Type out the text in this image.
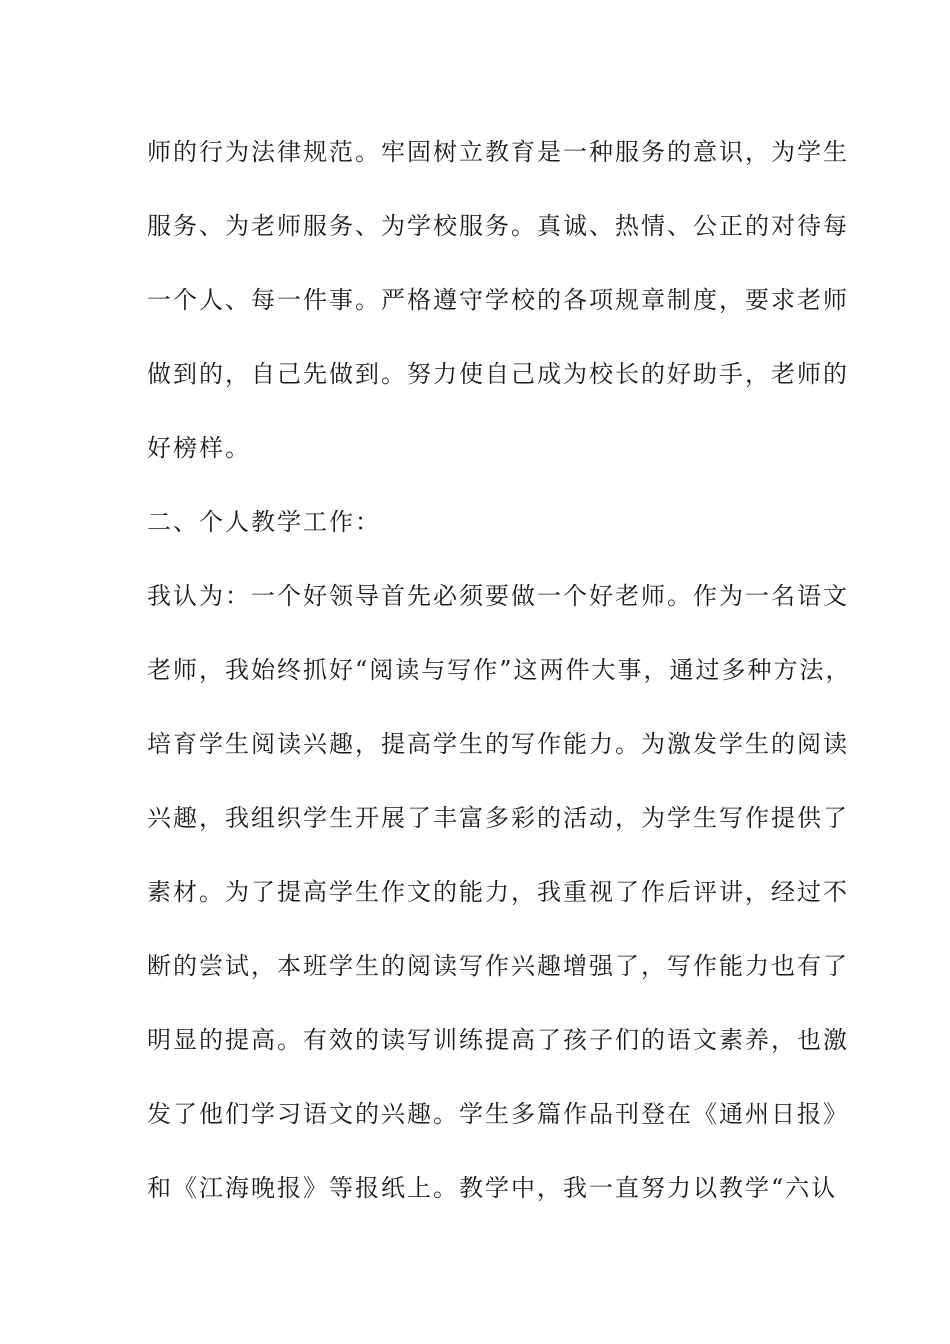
师的行为法律规范。牢固树立教育是一种服务的意识，为学生
服务、为老师服务、为学校服务。真诚、热情、公正的对待每
一个人、每一件事。严格遵守学校的各项规章制度，要求老师
做到的，自己先做到。努力使自己成为校长的好助手，老师的
好榜样。
二、个人教学工作：
我认为：一个好领导首先必须要做一个好老师。作为一名语文
老师，我始终抓好“阅读与写作”这两件大事，通过多种方法，
培育学生阅读兴趣，提高学生的写作能力。为激发学生的阅读
兴趣，我组织学生开展了丰富多彩的活动，为学生写作提供了
素材。为了提高学生作文的能力，我重视了作后评讲，经过不
断的尝试，本班学生的阅读写作兴趣增强了，写作能力也有了
明显的提高。有效的读写训练提高了孩子们的语文素养，也激
发了他们学习语文的兴趣。学生多篇作品刊登在《通州日报》
和《江海晚报》等报纸上。教学中，我一直努力以教学“六认
